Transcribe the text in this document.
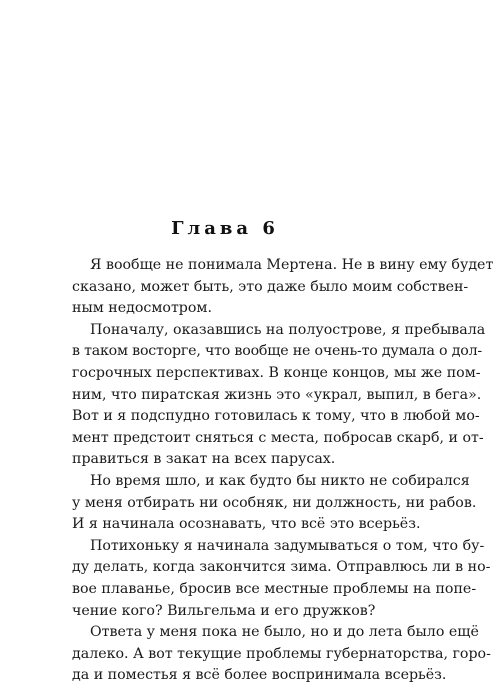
Глава 6
Я вообще не понимала Мертена. Не в вину ему будет
сказано, может быть, это даже было моим собствен-
ным недосмотром.
Поначалу, оказавшись на полуострове, я пребывала
в таком восторге, что вообще не очень-то думала о дол-
госрочных перспективах. В конце концов, мы же пом-
ним, что пиратская жизнь это «украл, выпил, в бега».
Вот и я подспудно готовилась к тому, что в любой мо-
мент предстоит сняться с места, побросав скарб, и от-
правиться в закат на всех парусах.
Но время шло, и как будто бы никто не собирался
у меня отбирать ни особняк, ни должность, ни рабов.
И я начинала осознавать, что всё это всерьёз.
Потихоньку я начинала задумываться о том, что бу-
ду делать, когда закончится зима. Отправлюсь ли в но-
вое плаванье, бросив все местные проблемы на попе-
чение кого? Вильгельма и его дружков?
Ответа у меня пока не было, но и до лета было ещё
далеко. А вот текущие проблемы губернаторства, горо-
да и поместья я всё более воспринимала всерьёз.
